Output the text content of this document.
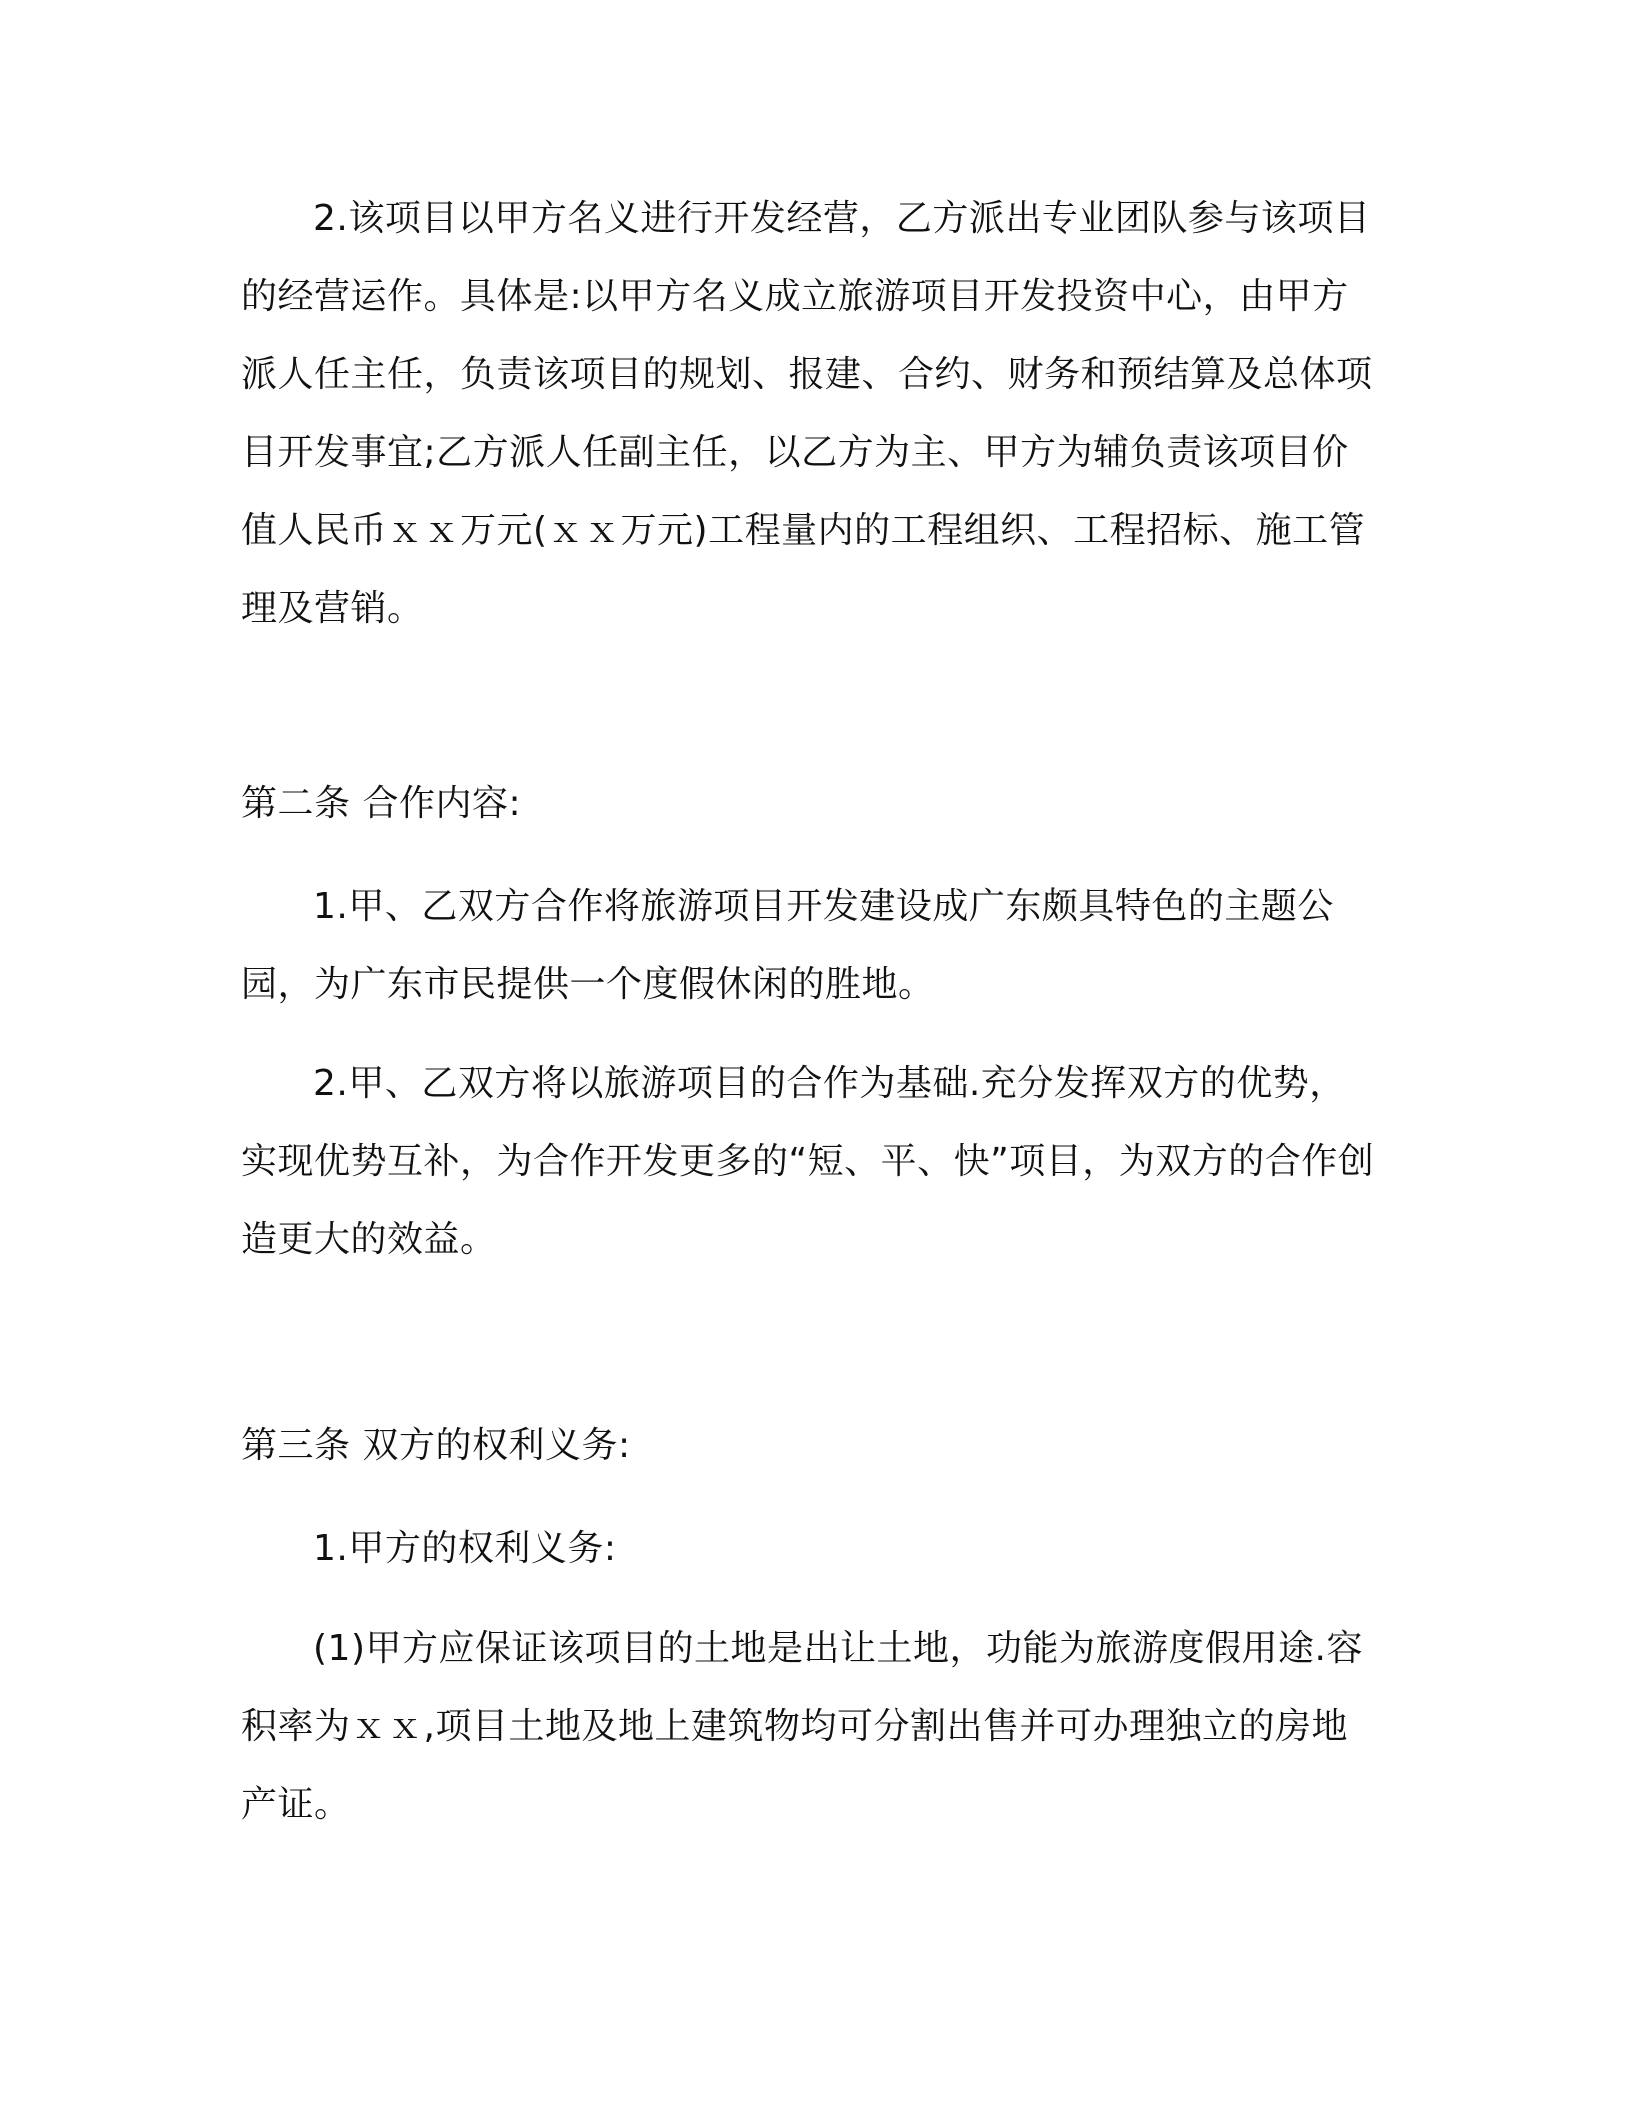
2.该项目以甲方名义进行开发经营，乙方派出专业团队参与该项目的经营运作。具体是:以甲方名义成立旅游项目开发投资中心，由甲方派人任主任，负责该项目的规划、报建、合约、财务和预结算及总体项目开发事宜;乙方派人任副主任，以乙方为主、甲方为辅负责该项目价值人民币ｘｘ万元(ｘｘ万元)工程量内的工程组织、工程招标、施工管理及营销。

第二条 合作内容:

1.甲、乙双方合作将旅游项目开发建设成广东颇具特色的主题公园，为广东市民提供一个度假休闲的胜地。

2.甲、乙双方将以旅游项目的合作为基础.充分发挥双方的优势，实现优势互补，为合作开发更多的“短、平、快”项目，为双方的合作创造更大的效益。

第三条 双方的权利义务:

1.甲方的权利义务:

(1)甲方应保证该项目的土地是出让土地，功能为旅游度假用途.容积率为ｘｘ,项目土地及地上建筑物均可分割出售并可办理独立的房地产证。
